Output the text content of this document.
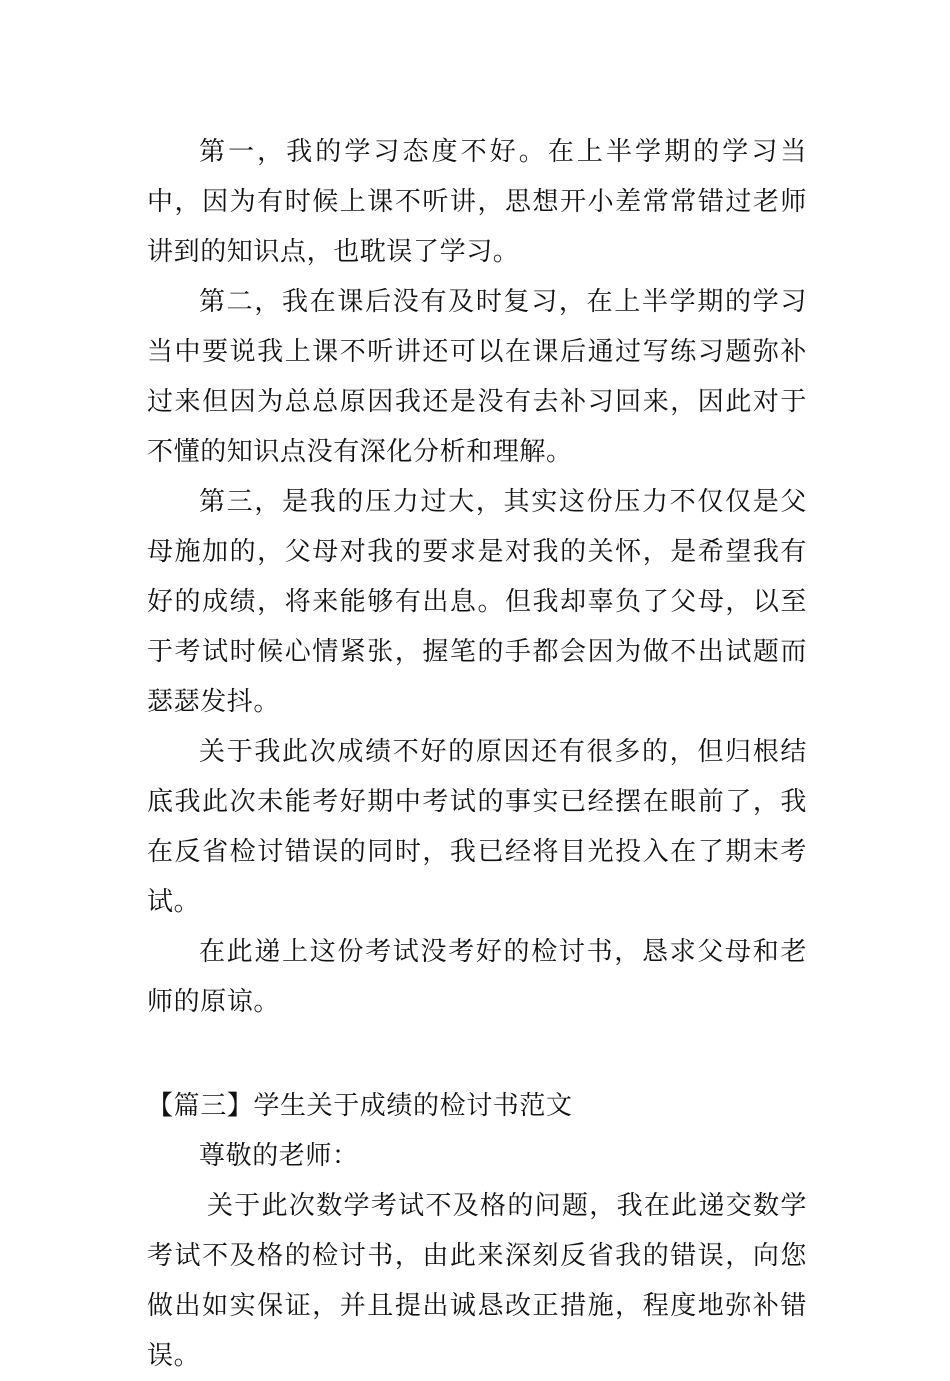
第一，我的学习态度不好。在上半学期的学习当中，因为有时候上课不听讲，思想开小差常常错过老师讲到的知识点，也耽误了学习。

第二，我在课后没有及时复习，在上半学期的学习当中要说我上课不听讲还可以在课后通过写练习题弥补过来但因为总总原因我还是没有去补习回来，因此对于不懂的知识点没有深化分析和理解。

第三，是我的压力过大，其实这份压力不仅仅是父母施加的，父母对我的要求是对我的关怀，是希望我有好的成绩，将来能够有出息。但我却辜负了父母，以至于考试时候心情紧张，握笔的手都会因为做不出试题而瑟瑟发抖。

关于我此次成绩不好的原因还有很多的，但归根结底我此次未能考好期中考试的事实已经摆在眼前了，我在反省检讨错误的同时，我已经将目光投入在了期末考试。

在此递上这份考试没考好的检讨书，恳求父母和老师的原谅。

【篇三】学生关于成绩的检讨书范文

尊敬的老师：

关于此次数学考试不及格的问题，我在此递交数学考试不及格的检讨书，由此来深刻反省我的错误，向您做出如实保证，并且提出诚恳改正措施，程度地弥补错误。
